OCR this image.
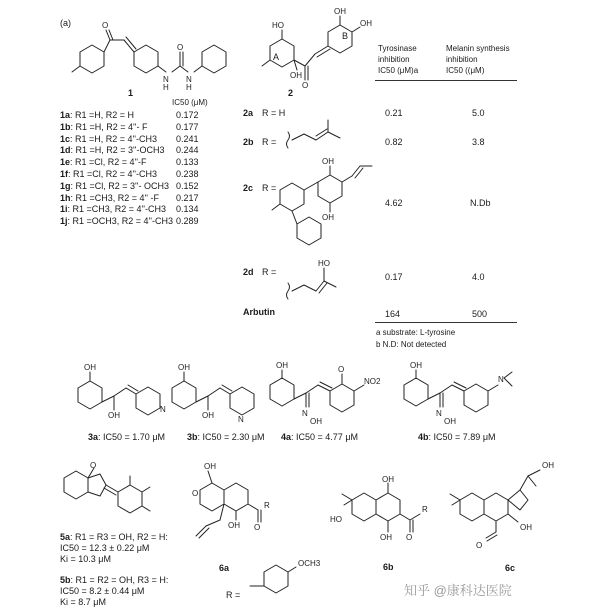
(a)
1
IC50 (μM)
1a: R1 =H, R2 = H	0.172
1b: R1 =H, R2 = 4''- F	0.177
1c: R1 =H, R2 = 4''-CH3 0.241
1d: R1 =H, R2 = 3''-OCH3 0.244
1e: R1 =Cl, R2 = 4''-F	0.133
1f: R1 =Cl, R2 = 4''-CH3 0.238
1g: R1 =Cl, R2 = 3''- OCH3 0.152
1h: R1 =CH3, R2 = 4'' -F 0.217
1i: R1 =CH3, R2 = 4''-CH3 0.134
1j: R1 =OCH3, R2 = 4''-CH3 0.289
2
Tyrosinase
inhibition
IC50 (μM)a
Melanin synthesis
inhibition
IC50 ((μM)
A
B
2a R = H	0.21	5.0
2b R =	0.82	3.8
2c R =
4.62	N.Db
2d R =	0.17	4.0
Arbutin	164	500
a substrate: L-tyrosine
b N.D: Not detected
3a: IC50 = 1.70 μM 3b: IC50 = 2.30 μM 4a: IC50 = 4.77 μM	4b: IC50 = 7.89 μM
5a: R1 = R3 = OH, R2 = H:
IC50 = 12.3 ± 0.22 μM
Ki = 10.3 μM
5b: R1 = R2 = OH, R3 = H:
IC50 = 8.2 ± 0.44 μM
Ki = 8.7 μM
6a
R =
6b	6c
知乎 @康科达医院
O
N
H
O
N
H
HO
OH
O
OH
OH
OH
OH
HO
OH
OH
N
OH
OH	N
OH
N
OH
O
NO2
OH
N
OH
N
O	OH
O
O
R
OH
OCH3
OH
OH
HO
R
O
OH
O
OH
